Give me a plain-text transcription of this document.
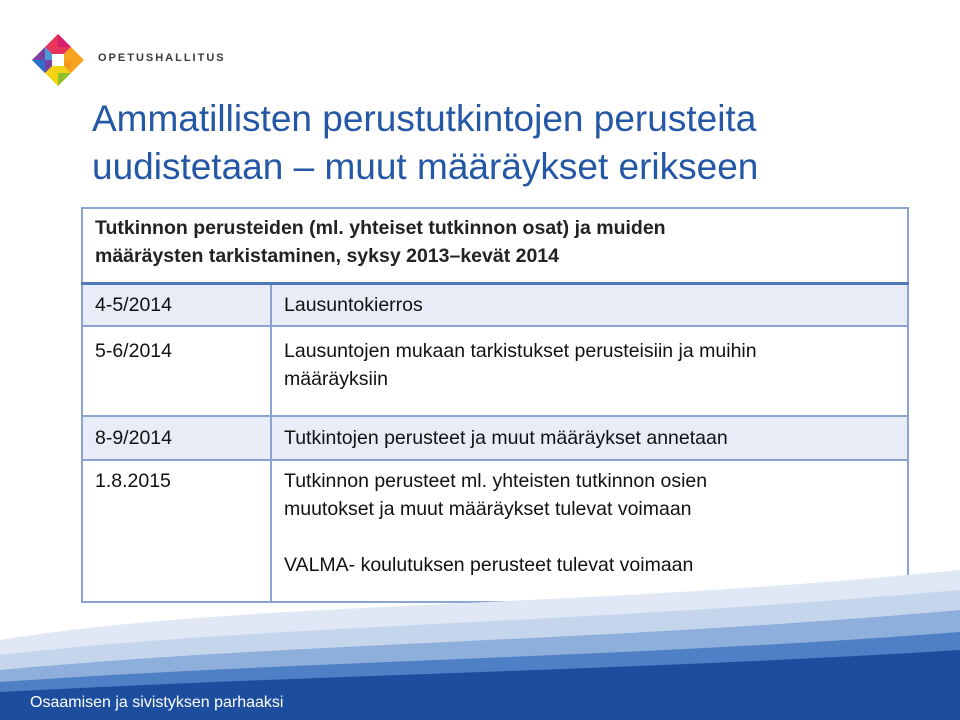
OPETUSHALLITUS
Ammatillisten perustutkintojen perusteita
uudistetaan – muut määräykset erikseen
Tutkinnon perusteiden (ml. yhteiset tutkinnon osat) ja muiden
määräysten tarkistaminen, syksy 2013–kevät 2014	
4-5/2014	Lausuntokierros
5-6/2014	Lausuntojen mukaan tarkistukset perusteisiin ja muihin
määräyksiin
8-9/2014	Tutkintojen perusteet ja muut määräykset annetaan
1.8.2015	Tutkinnon perusteet ml. yhteisten tutkinnon osien
muutokset ja muut määräykset tulevat voimaan
VALMA- koulutuksen perusteet tulevat voimaan
Osaamisen ja sivistyksen parhaaksi
